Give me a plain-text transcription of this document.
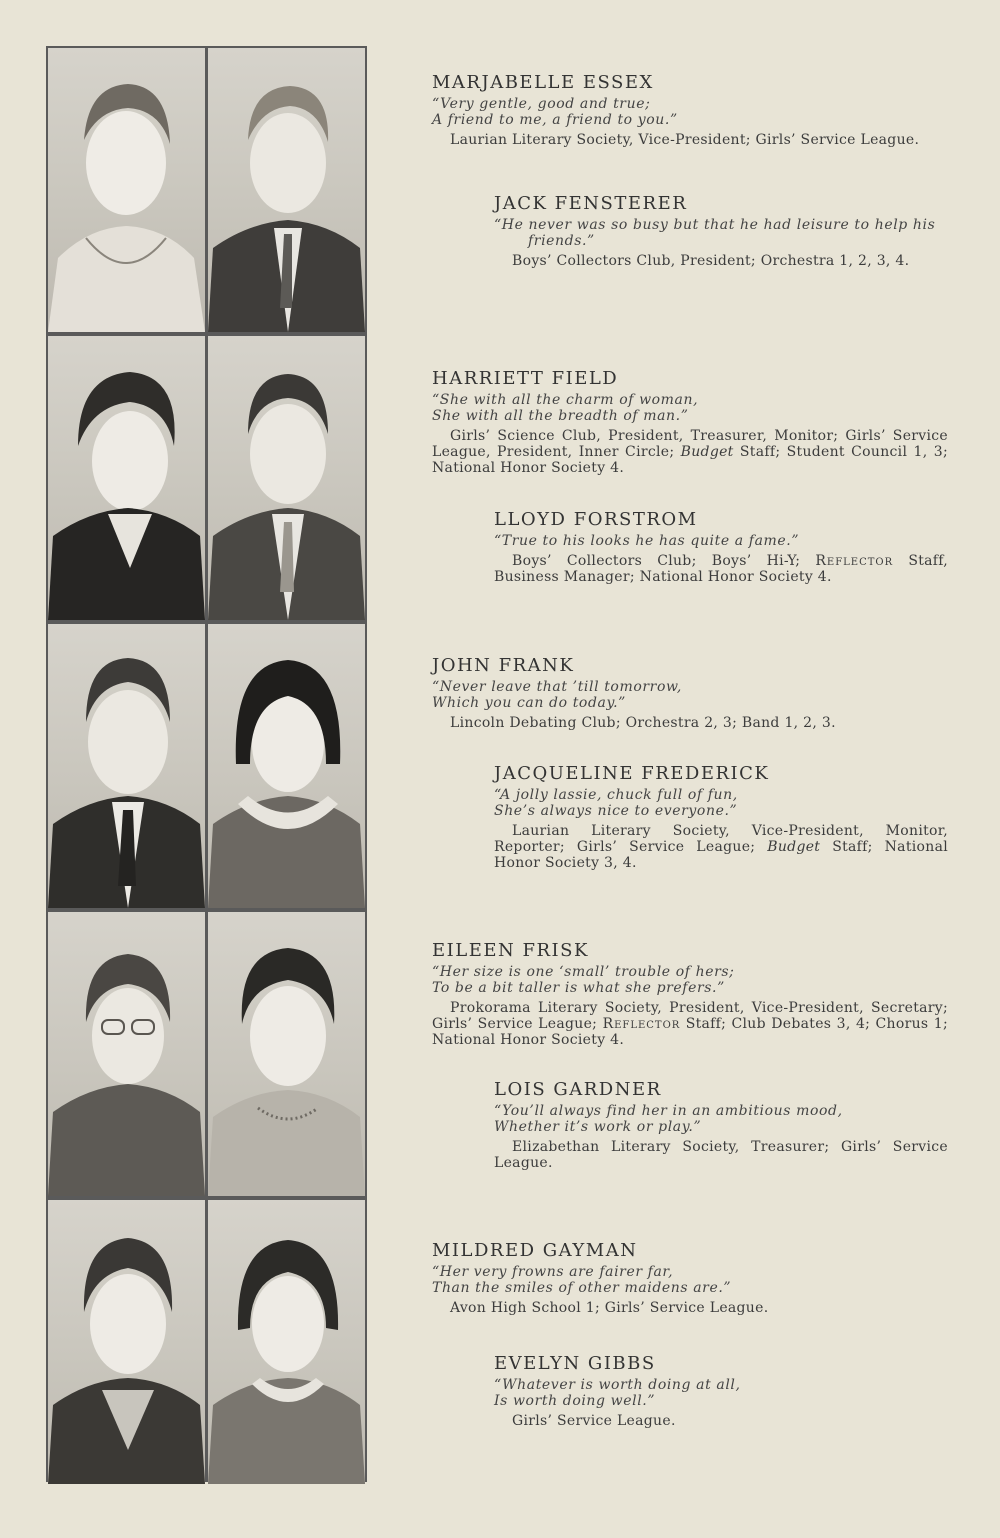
MARJABELLE ESSEX
“Very gentle, good and true;
A friend to me, a friend to you.”

Laurian Literary Society, Vice-President; Girls’ Service League.

JACK FENSTERER
“He never was so busy but that he had leisure to help his friends.”

Boys’ Collectors Club, President; Orchestra 1, 2, 3, 4.

HARRIETT FIELD
“She with all the charm of woman,
She with all the breadth of man.”

Girls’ Science Club, President, Treasurer, Monitor; Girls’ Service League, President, Inner Circle; Budget Staff; Student Council 1, 3; National Honor Society 4.

LLOYD FORSTROM
“True to his looks he has quite a fame.”

Boys’ Collectors Club; Boys’ Hi-Y; Reflector Staff, Business Manager; National Honor Society 4.

JOHN FRANK
“Never leave that ’till tomorrow,
Which you can do today.”

Lincoln Debating Club; Orchestra 2, 3; Band 1, 2, 3.

JACQUELINE FREDERICK
“A jolly lassie, chuck full of fun,
She’s always nice to everyone.”

Laurian Literary Society, Vice-President, Monitor, Reporter; Girls’ Service League; Budget Staff; National Honor Society 3, 4.

EILEEN FRISK
“Her size is one ‘small’ trouble of hers;
To be a bit taller is what she prefers.”

Prokorama Literary Society, President, Vice-President, Secretary; Girls’ Service League; Reflector Staff; Club Debates 3, 4; Chorus 1; National Honor Society 4.

LOIS GARDNER
“You’ll always find her in an ambitious mood,
Whether it’s work or play.”

Elizabethan Literary Society, Treasurer; Girls’ Service League.

MILDRED GAYMAN
“Her very frowns are fairer far,
Than the smiles of other maidens are.”

Avon High School 1; Girls’ Service League.

EVELYN GIBBS
“Whatever is worth doing at all,
Is worth doing well.”

Girls’ Service League.
